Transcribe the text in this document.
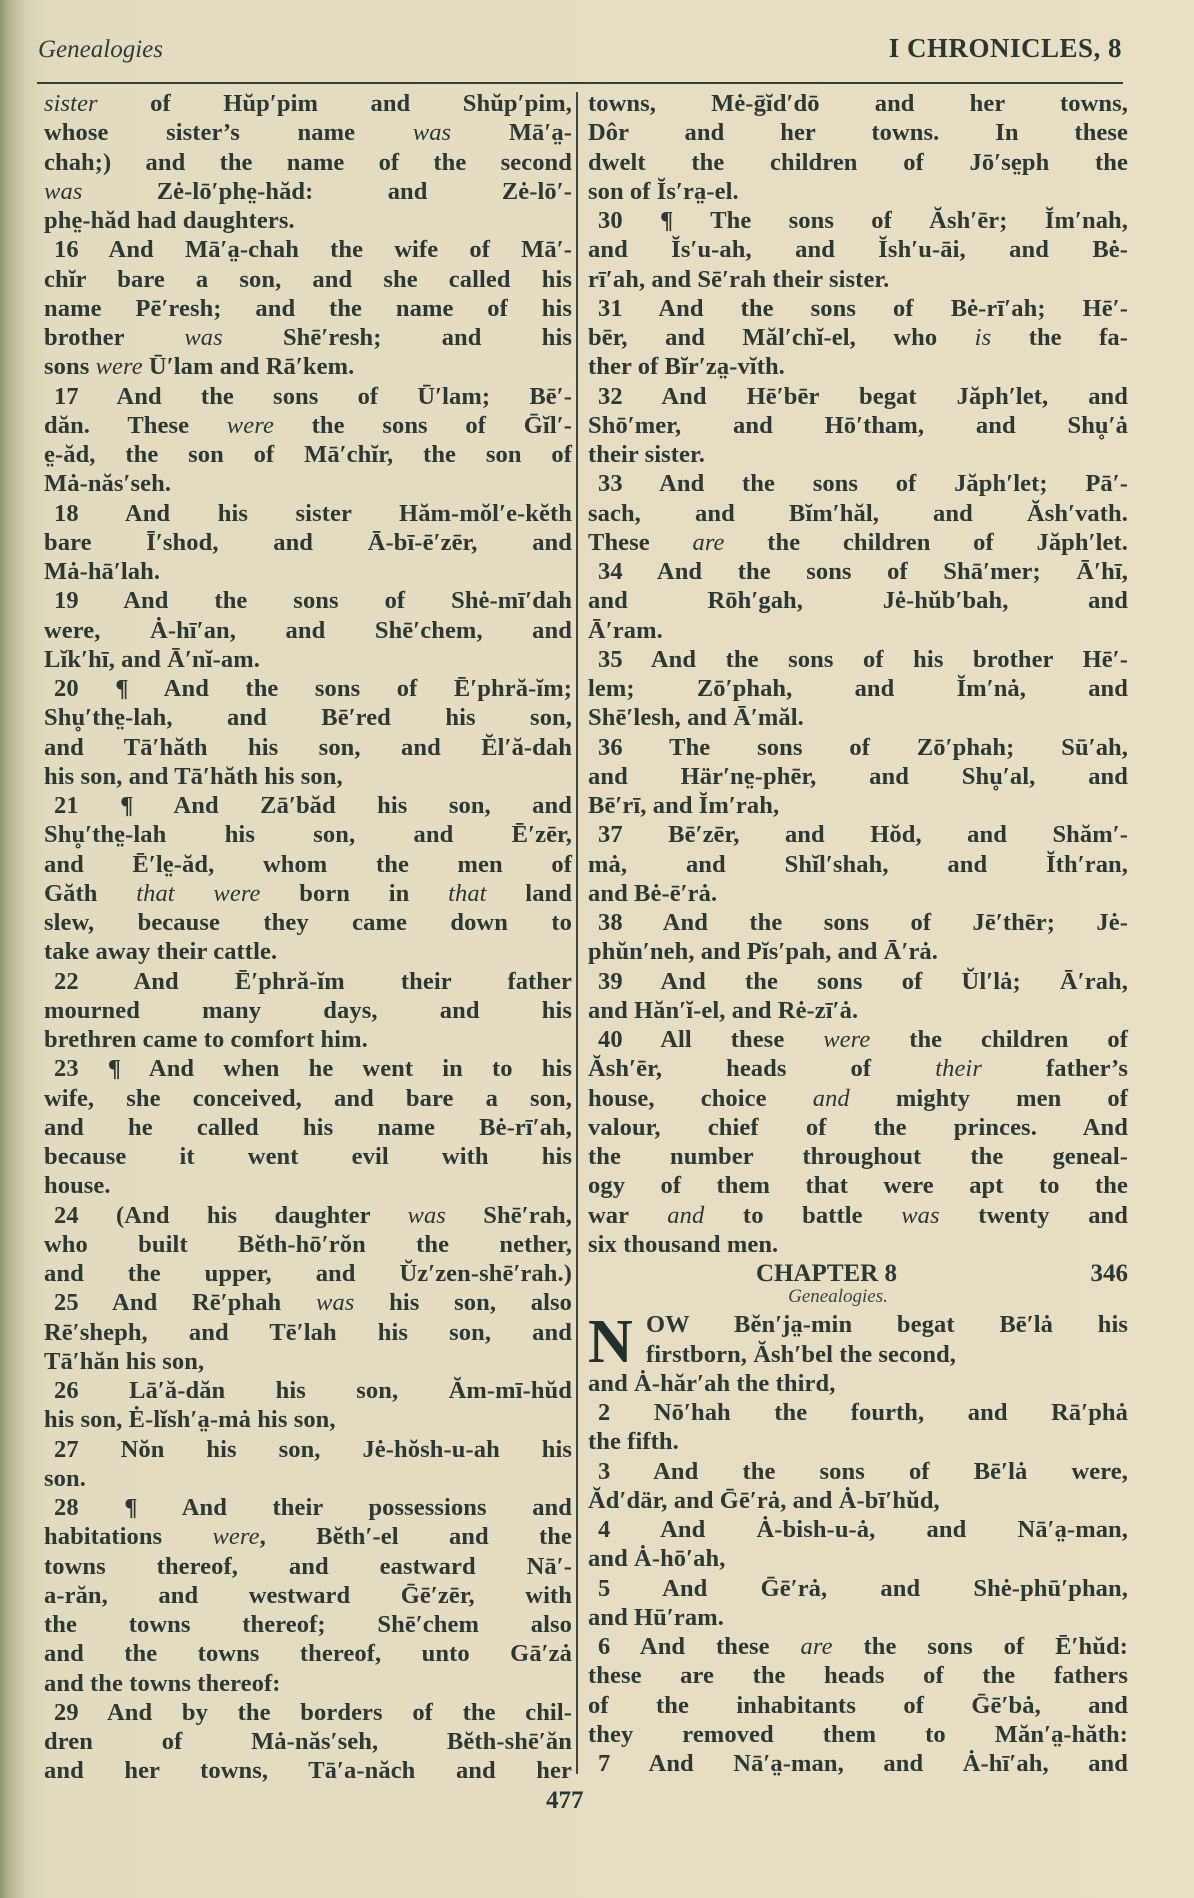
Genealogies	I CHRONICLES, 8
sister of Hŭp′pim and Shŭp′pim,
whose sister’s name was Mā′a̤-
chah;) and the name of the second
was Zė-lō′phe̤-hăd: and Zė-lō′-
phe̤-hăd had daughters.
16 And Mā′a̤-chah the wife of Mā′-
chĭr bare a son, and she called his
name Pē′resh; and the name of his
brother was Shē′resh; and his
sons were Ū′lam and Rā′kem.
17 And the sons of Ū′lam; Bē′-
dăn. These were the sons of Ḡĭl′-
e̤-ăd, the son of Mā′chĭr, the son of
Mȧ-năs′seh.
18 And his sister Hăm-mŏl′e-kĕth
bare Ī′shod, and Ā-bī-ē′zēr, and
Mȧ-hā′lah.
19 And the sons of Shė-mī′dah
were, Ȧ-hī′an, and Shē′chem, and
Lĭk′hī, and Ā′nĭ-am.
20 ¶ And the sons of Ē′phră-ĭm;
Shu̥′the̤-lah, and Bē′red his son,
and Tā′hăth his son, and Ĕl′ă-dah
his son, and Tā′hăth his son,
21 ¶ And Zā′băd his son, and
Shu̥′the̤-lah his son, and Ē′zēr,
and Ē′le̤-ăd, whom the men of
Găth that were born in that land
slew, because they came down to
take away their cattle.
22 And Ē′phră-ĭm their father
mourned many days, and his
brethren came to comfort him.
23 ¶ And when he went in to his
wife, she conceived, and bare a son,
and he called his name Bė-rī′ah,
because it went evil with his
house.
24 (And his daughter was Shē′rah,
who built Bĕth-hō′rŏn the nether,
and the upper, and Ŭz′zen-shē′rah.)
25 And Rē′phah was his son, also
Rē′sheph, and Tē′lah his son, and
Tā′hăn his son,
26 Lā′ă-dăn his son, Ăm-mī-hŭd
his son, Ė-lĭsh′a̤-mȧ his son,
27 Nŏn his son, Jė-hŏsh-u-ah his
son.
28 ¶ And their possessions and
habitations were, Bĕth′-el and the
towns thereof, and eastward Nā′-
a-răn, and westward Ḡē′zēr, with
the towns thereof; Shē′chem also
and the towns thereof, unto Gā′zȧ
and the towns thereof:
29 And by the borders of the chil-
dren of Mȧ-năs′seh, Bĕth-shē′ăn
and her towns, Tā′a-năch and her
towns, Mė-ḡĭd′dō and her towns,
Dôr and her towns. In these
dwelt the children of Jō′se̤ph the
son of Ĭs′ra̤-el.
30 ¶ The sons of Ăsh′ēr; Ĭm′nah,
and Ĭs′u-ah, and Ĭsh′u-āi, and Bė-
rī′ah, and Sē′rah their sister.
31 And the sons of Bė-rī′ah; Hē′-
bēr, and Măl′chĭ-el, who is the fa-
ther of Bĭr′za̤-vĭth.
32 And Hē′bēr begat Jăph′let, and
Shō′mer, and Hō′tham, and Shu̥′ȧ
their sister.
33 And the sons of Jăph′let; Pā′-
sach, and Bĭm′hăl, and Ăsh′vath.
These are the children of Jăph′let.
34 And the sons of Shā′mer; Ā′hī,
and Rōh′gah, Jė-hŭb′bah, and
Ā′ram.
35 And the sons of his brother Hē′-
lem; Zō′phah, and Ĭm′nȧ, and
Shē′lesh, and Ā′măl.
36 The sons of Zō′phah; Sū′ah,
and Här′ne̤-phēr, and Shu̥′al, and
Bē′rī, and Ĭm′rah,
37 Bē′zēr, and Hŏd, and Shăm′-
mȧ, and Shĭl′shah, and Ĭth′ran,
and Bė-ē′rȧ.
38 And the sons of Jē′thēr; Jė-
phŭn′neh, and Pĭs′pah, and Ā′rȧ.
39 And the sons of Ŭl′lȧ; Ā′rah,
and Hăn′ĭ-el, and Rė-zī′ȧ.
40 All these were the children of
Ăsh′ēr, heads of their father’s
house, choice and mighty men of
valour, chief of the princes. And
the number throughout the geneal-
ogy of them that were apt to the
war and to battle was twenty and
six thousand men.
CHAPTER 8	346
Genealogies.
N OW Bĕn′ja̤-min begat Bē′lȧ his
firstborn, Ăsh′bel the second,
and Ȧ-hăr′ah the third,
2 Nō′hah the fourth, and Rā′phȧ
the fifth.
3 And the sons of Bē′lȧ were,
Ăd′där, and Ḡē′rȧ, and Ȧ-bī′hŭd,
4 And Ȧ-bish-u-ȧ, and Nā′a̤-man,
and Ȧ-hō′ah,
5 And Ḡē′rȧ, and Shė-phū′phan,
and Hū′ram.
6 And these are the sons of Ē′hŭd:
these are the heads of the fathers
of the inhabitants of Ḡē′bȧ, and
they removed them to Măn′a̤-hăth:
7 And Nā′a̤-man, and Ȧ-hī′ah, and
477
